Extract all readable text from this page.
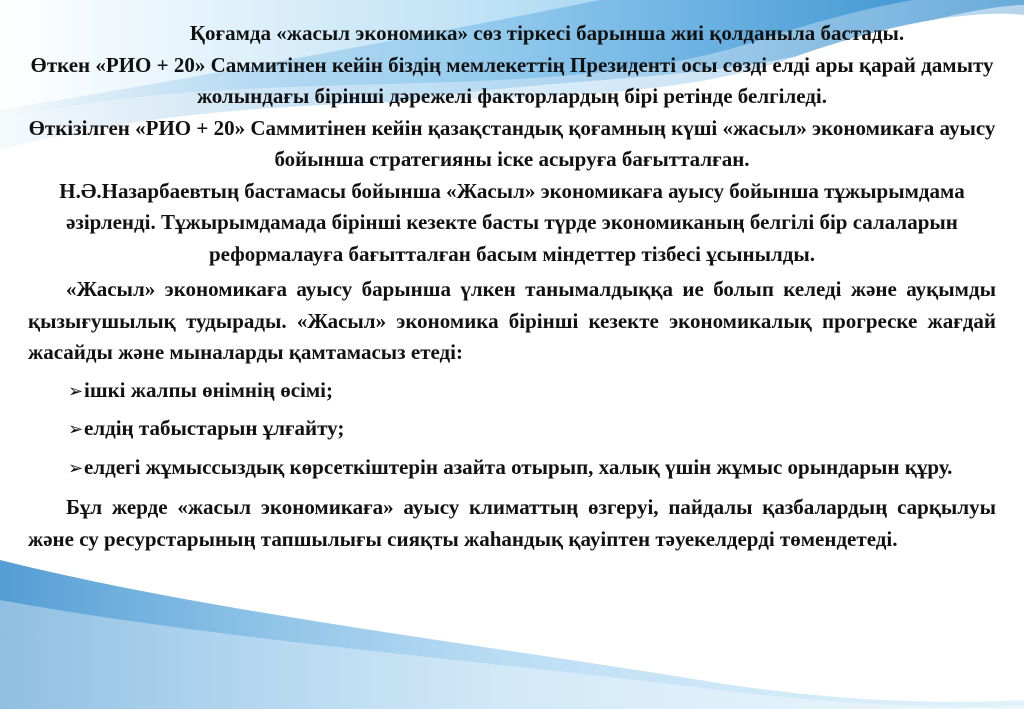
Қоғамда «жасыл экономика» сөз тіркесі барынша жиі қолданыла бастады.

Өткен «РИО + 20» Саммитінен кейін біздің мемлекеттің Президенті осы сөзді елді ары қарай дамыту жолындағы бірінші дәрежелі факторлардың бірі ретінде белгіледі.

Өткізілген «РИО + 20» Саммитінен кейін қазақстандық қоғамның күші «жасыл» экономикаға ауысу бойынша стратегияны іске асыруға бағытталған.

Н.Ә.Назарбаевтың бастамасы бойынша «Жасыл» экономикаға ауысу бойынша тұжырымдама әзірленді. Тұжырымдамада бірінші кезекте басты түрде экономиканың белгілі бір салаларын реформалауға бағытталған басым міндеттер тізбесі ұсынылды.

«Жасыл» экономикаға ауысу барынша үлкен танымалдыққа ие болып келеді және ауқымды қызығушылық тудырады. «Жасыл» экономика бірінші кезекте экономикалық прогреске жағдай жасайды және мыналарды қамтамасыз етеді:

➢ішкі жалпы өнімнің өсімі;

➢елдің табыстарын ұлғайту;

➢елдегі жұмыссыздық көрсеткіштерін азайта отырып, халық үшін жұмыс орындарын құру.

Бұл жерде «жасыл экономикаға» ауысу климаттың өзгеруі, пайдалы қазбалардың сарқылуы және су ресурстарының тапшылығы сияқты жаһандық қауіптен тәуекелдерді төмендетеді.
